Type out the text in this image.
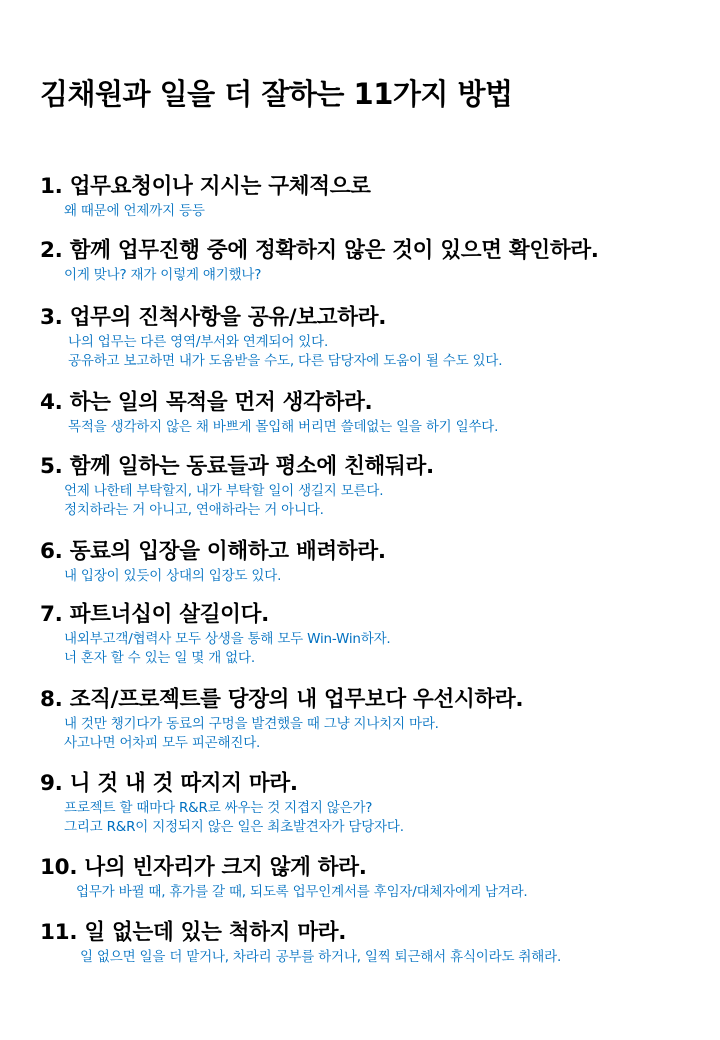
김채원과 일을 더 잘하는 11가지 방법
1. 업무요청이나 지시는 구체적으로
왜 때문에 언제까지 등등
2. 함께 업무진행 중에 정확하지 않은 것이 있으면 확인하라.
이게 맞나? 재가 이렇게 얘기했나?
3. 업무의 진척사항을 공유/보고하라.
나의 업무는 다른 영역/부서와 연계되어 있다.
공유하고 보고하면 내가 도움받을 수도, 다른 담당자에 도움이 될 수도 있다.
4. 하는 일의 목적을 먼저 생각하라.
목적을 생각하지 않은 채 바쁘게 몰입해 버리면 쓸데없는 일을 하기 일쑤다.
5. 함께 일하는 동료들과 평소에 친해둬라.
언제 나한테 부탁할지, 내가 부탁할 일이 생길지 모른다.
정치하라는 거 아니고, 연애하라는 거 아니다.
6. 동료의 입장을 이해하고 배려하라.
내 입장이 있듯이 상대의 입장도 있다.
7. 파트너십이 살길이다.
내외부고객/협력사 모두 상생을 통해 모두 Win-Win하자.
너 혼자 할 수 있는 일 몇 개 없다.
8. 조직/프로젝트를 당장의 내 업무보다 우선시하라.
내 것만 챙기다가 동료의 구멍을 발견했을 때 그냥 지나치지 마라.
사고나면 어차피 모두 피곤해진다.
9. 니 것 내 것 따지지 마라.
프로젝트 할 때마다 R&R로 싸우는 것 지겹지 않은가?
그리고 R&R이 지정되지 않은 일은 최초발견자가 담당자다.
10. 나의 빈자리가 크지 않게 하라.
업무가 바뀔 때, 휴가를 갈 때, 되도록 업무인계서를 후임자/대체자에게 남겨라.
11. 일 없는데 있는 척하지 마라.
일 없으면 일을 더 맡거나, 차라리 공부를 하거나, 일찍 퇴근해서 휴식이라도 취해라.
